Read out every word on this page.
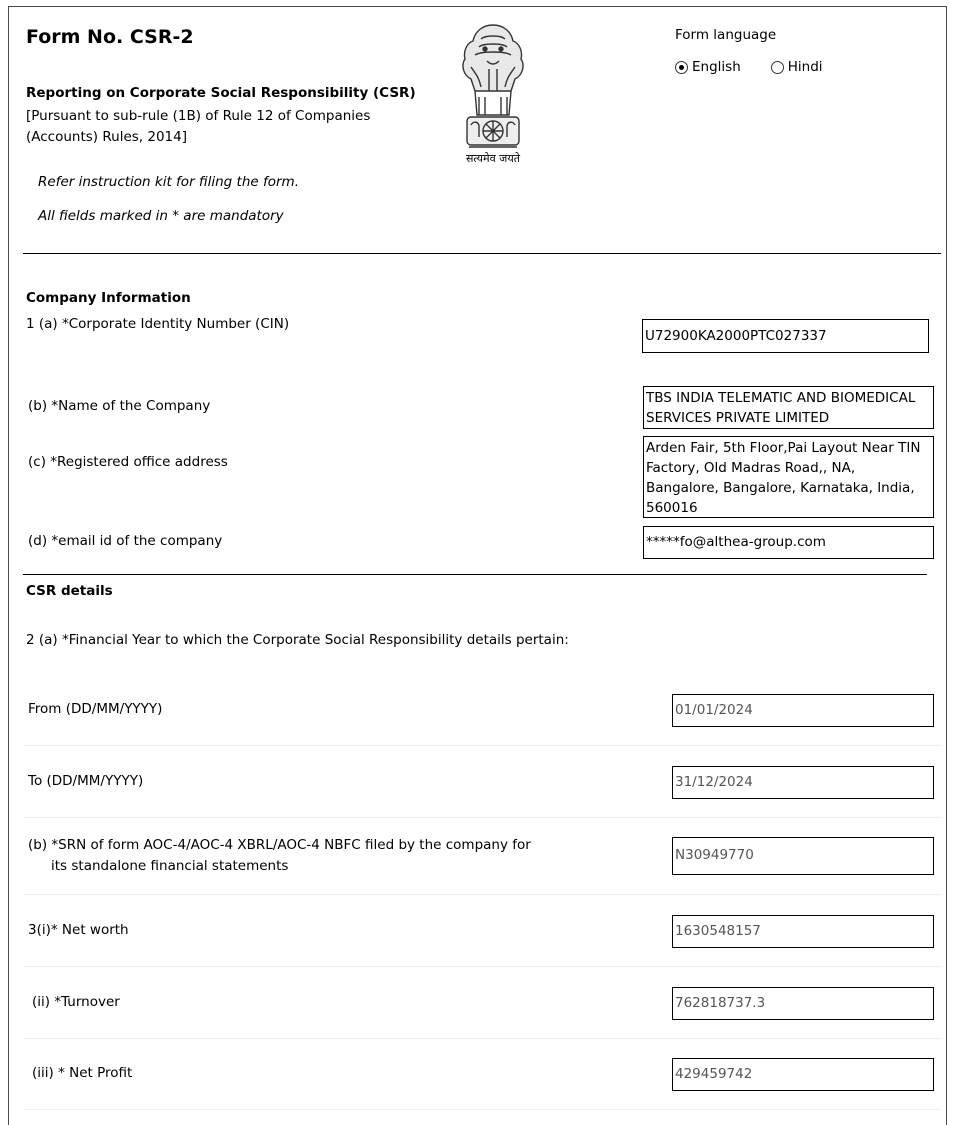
Form No. CSR-2
Reporting on Corporate Social Responsibility (CSR)
[Pursuant to sub-rule (1B) of Rule 12 of Companies (Accounts) Rules, 2014]
सत्यमेव जयते
Form language
English	Hindi
Refer instruction kit for filing the form.
All fields marked in * are mandatory
Company Information
1 (a) *Corporate Identity Number (CIN)
U72900KA2000PTC027337
(b) *Name of the Company	TBS INDIA TELEMATIC AND BIOMEDICAL SERVICES PRIVATE LIMITED
(c) *Registered office address
Arden Fair, 5th Floor,Pai Layout Near TIN Factory, Old Madras Road,, NA, Bangalore, Bangalore, Karnataka, India, 560016
(d) *email id of the company	*****fo@althea-group.com
CSR details
2 (a) *Financial Year to which the Corporate Social Responsibility details pertain:
From (DD/MM/YYYY)	01/01/2024
To (DD/MM/YYYY)	31/12/2024
(b) *SRN of form AOC-4/AOC-4 XBRL/AOC-4 NBFC filed by the company for
its standalone financial statements
N30949770
3(i)* Net worth	1630548157
(ii) *Turnover	762818737.3
(iii) * Net Profit	429459742
